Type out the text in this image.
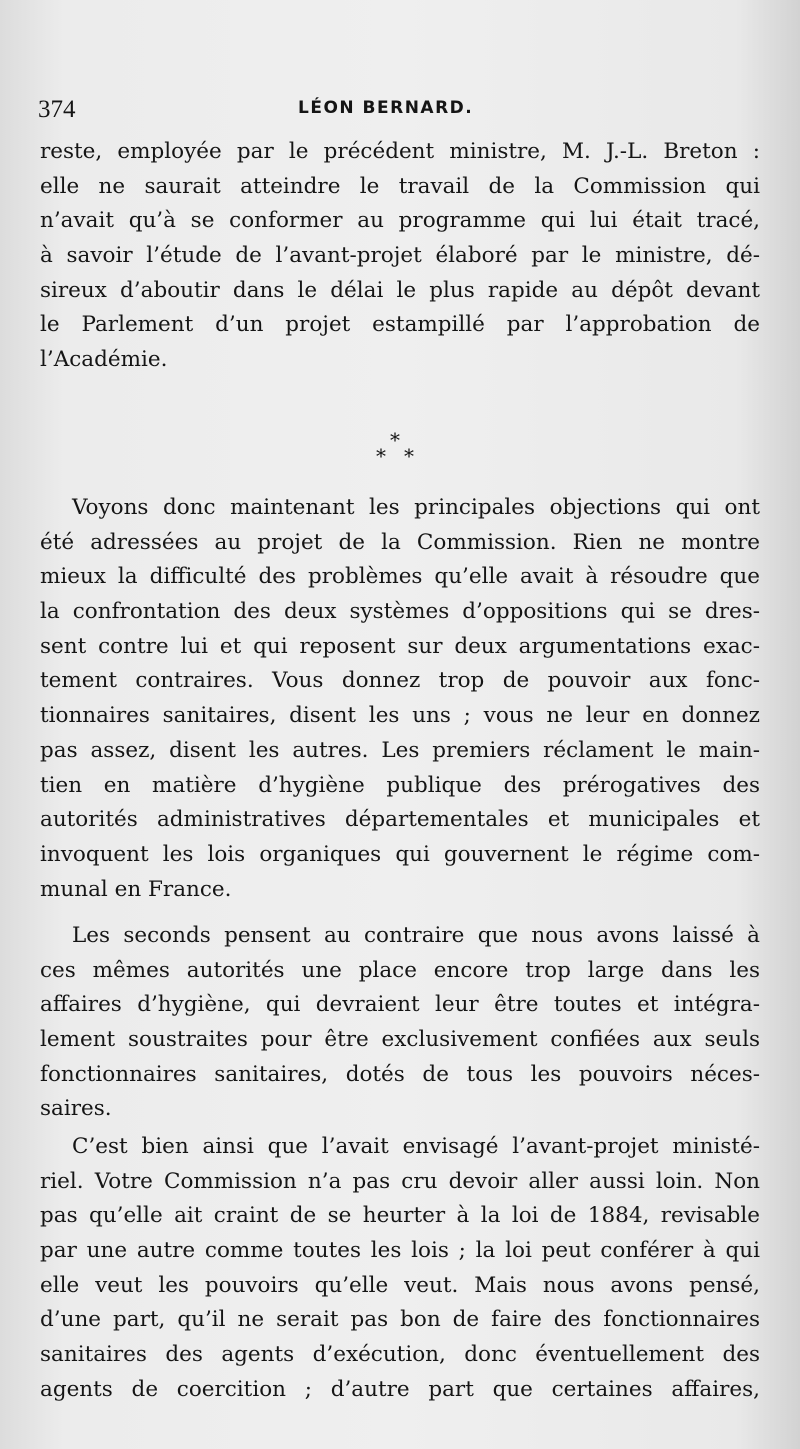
374	LÉON BERNARD.
reste, employée par le précédent ministre, M. J.-L. Breton :
elle ne saurait atteindre le travail de la Commission qui
n’avait qu’à se conformer au programme qui lui était tracé,
à savoir l’étude de l’avant-projet élaboré par le ministre, dé-
sireux d’aboutir dans le délai le plus rapide au dépôt devant
le Parlement d’un projet estampillé par l’approbation de
l’Académie.
*
* *
Voyons donc maintenant les principales objections qui ont
été adressées au projet de la Commission. Rien ne montre
mieux la difficulté des problèmes qu’elle avait à résoudre que
la confrontation des deux systèmes d’oppositions qui se dres-
sent contre lui et qui reposent sur deux argumentations exac-
tement contraires. Vous donnez trop de pouvoir aux fonc-
tionnaires sanitaires, disent les uns ; vous ne leur en donnez
pas assez, disent les autres. Les premiers réclament le main-
tien en matière d’hygiène publique des prérogatives des
autorités administratives départementales et municipales et
invoquent les lois organiques qui gouvernent le régime com-
munal en France.
Les seconds pensent au contraire que nous avons laissé à
ces mêmes autorités une place encore trop large dans les
affaires d’hygiène, qui devraient leur être toutes et intégra-
lement soustraites pour être exclusivement confiées aux seuls
fonctionnaires sanitaires, dotés de tous les pouvoirs néces-
saires.
C’est bien ainsi que l’avait envisagé l’avant-projet ministé-
riel. Votre Commission n’a pas cru devoir aller aussi loin. Non
pas qu’elle ait craint de se heurter à la loi de 1884, revisable
par une autre comme toutes les lois ; la loi peut conférer à qui
elle veut les pouvoirs qu’elle veut. Mais nous avons pensé,
d’une part, qu’il ne serait pas bon de faire des fonctionnaires
sanitaires des agents d’exécution, donc éventuellement des
agents de coercition ; d’autre part que certaines affaires,
